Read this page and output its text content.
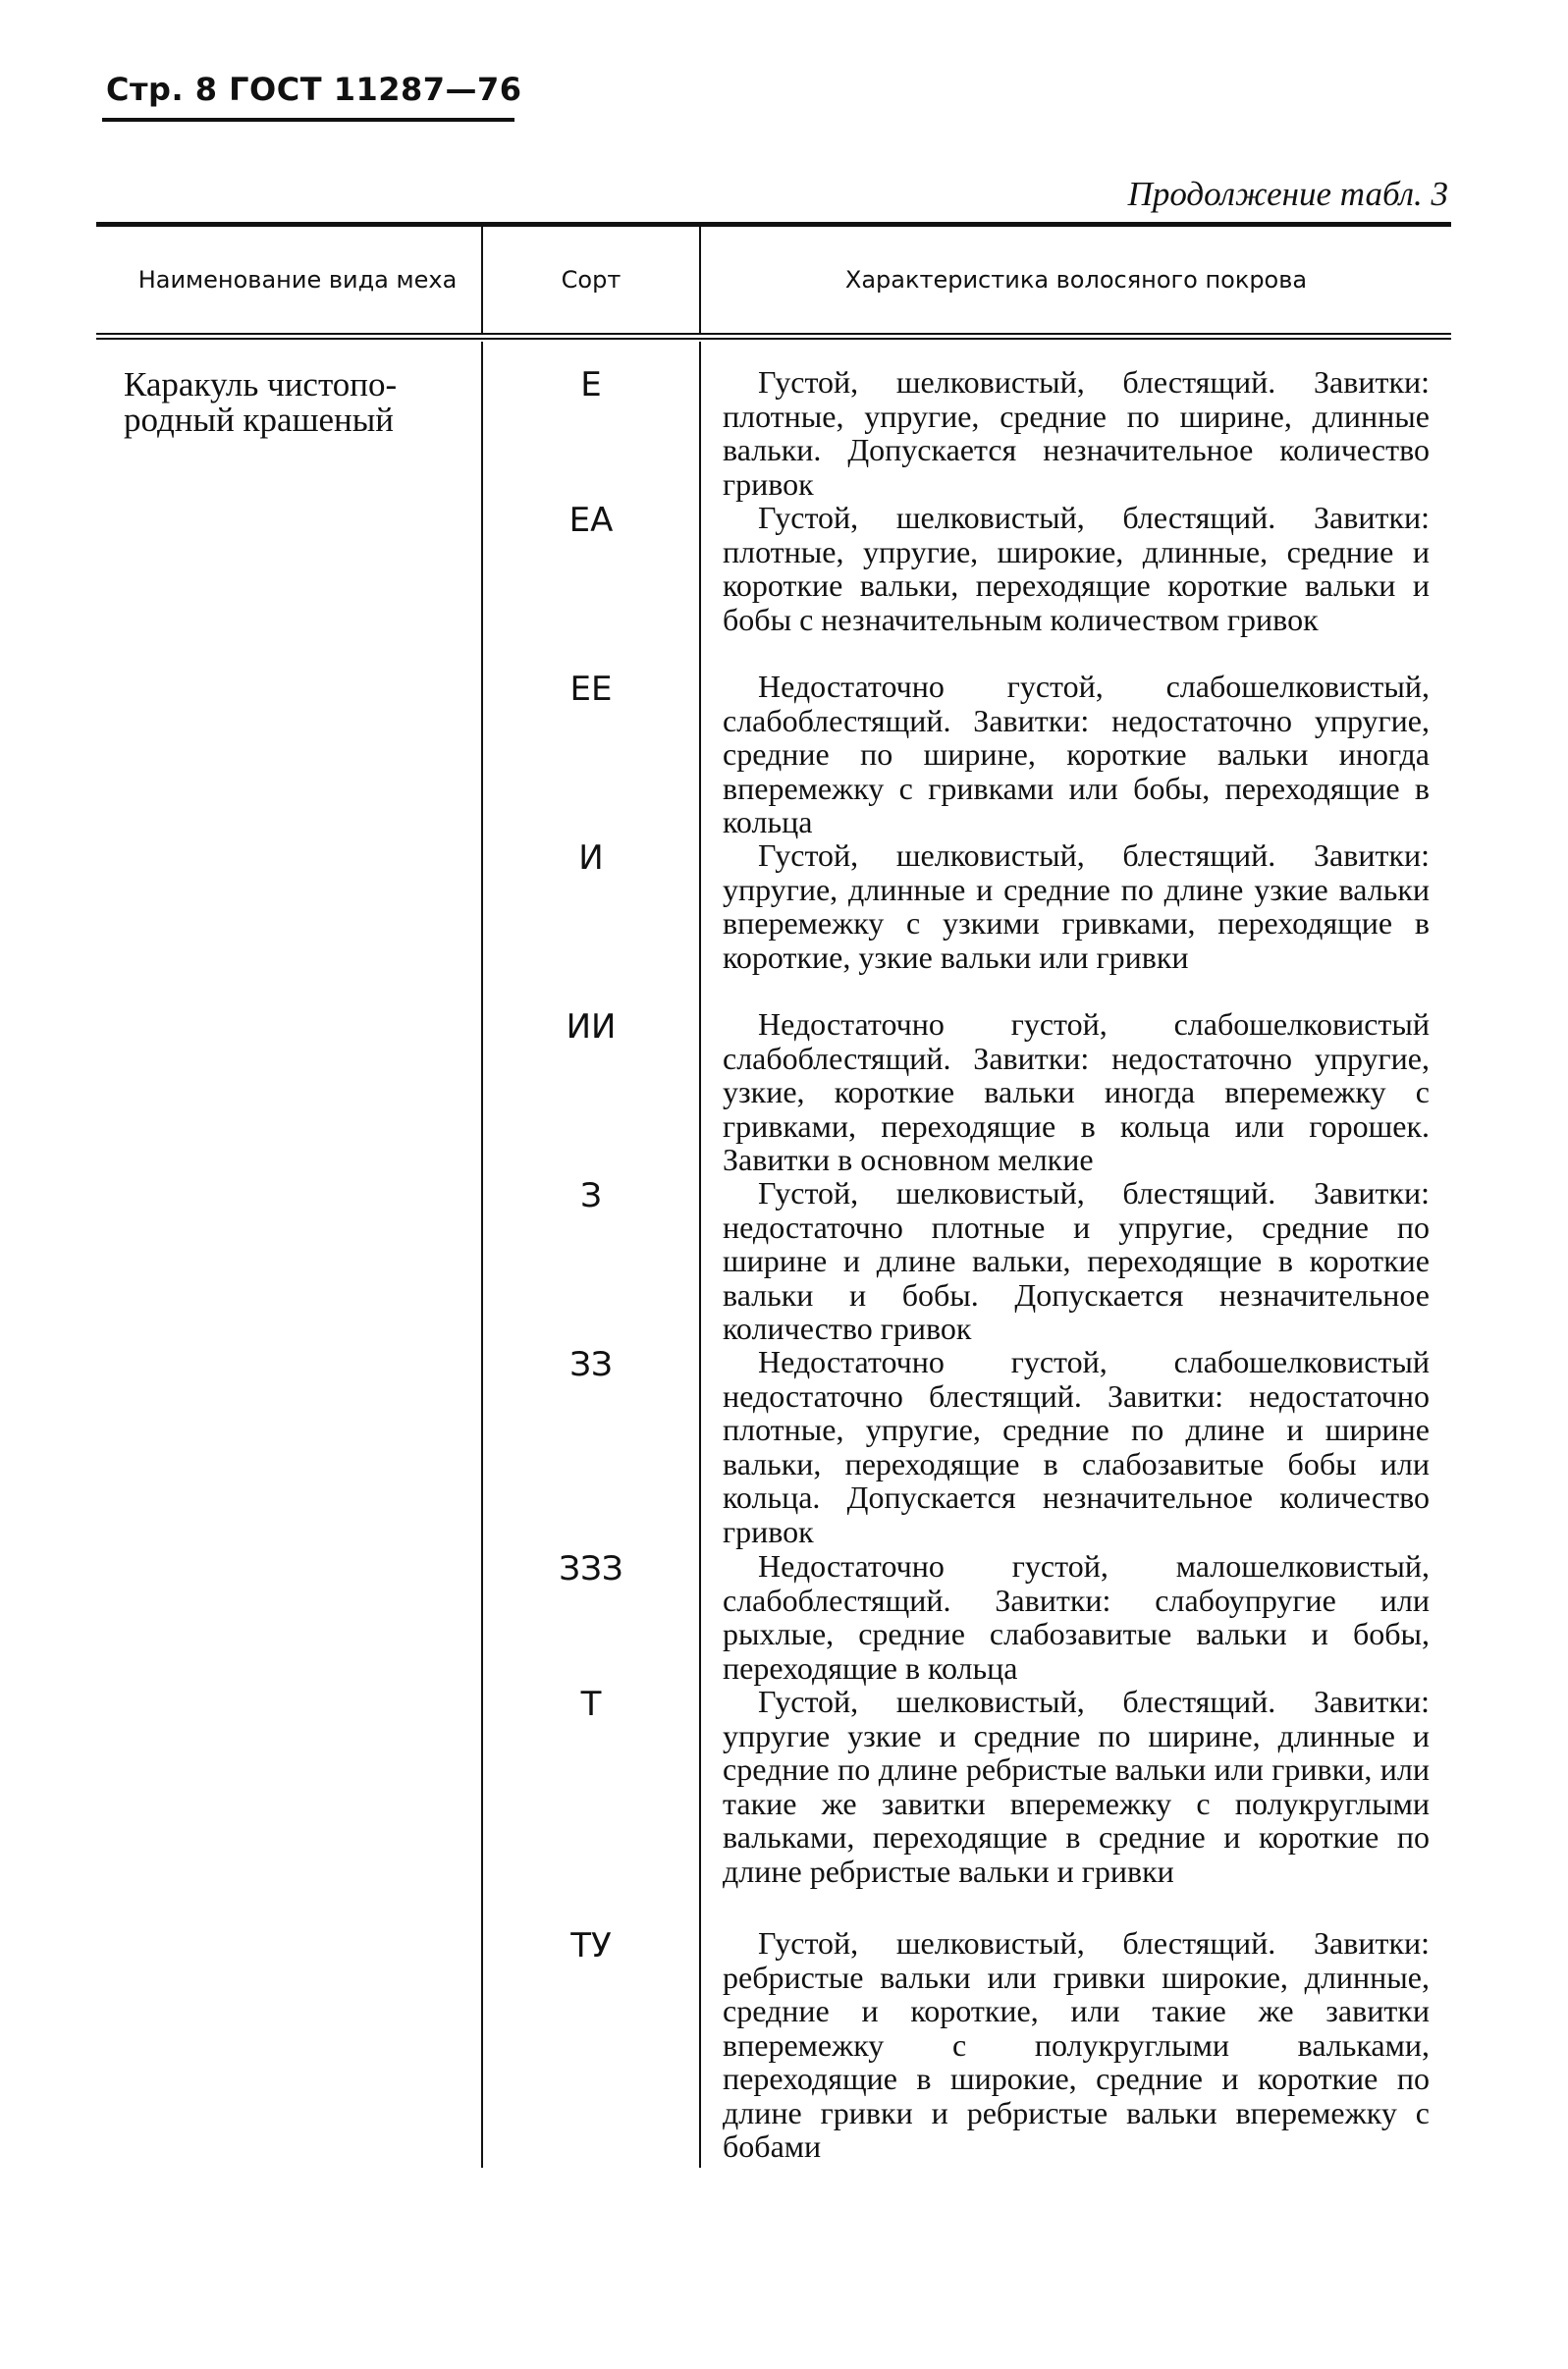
Стр. 8 ГОСТ 11287—76
Продолжение табл. 3
Наименование вида меха	Сорт	Характеристика волосяного покрова
Каракуль чистопо-
родный крашеный
Е
ЕА
ЕЕ
И
ИИ
З
ЗЗ
ЗЗЗ
Т
ТУ
Густой, шелковистый, блестящий. Завитки: плотные, упругие, средние по ширине, длинные вальки. Допускается незначительное количество гривок
Густой, шелковистый, блестящий. Завитки: плотные, упругие, широкие, длинные, средние и короткие вальки, переходящие короткие вальки и бобы с незначительным количеством гривок
Недостаточно густой, слабошелковистый, слабоблестящий. Завитки: недостаточно упругие, средние по ширине, короткие вальки иногда вперемежку с гривками или бобы, переходящие в кольца
Густой, шелковистый, блестящий. Завитки: упругие, длинные и средние по длине узкие вальки вперемежку с узкими гривками, переходящие в короткие, узкие вальки или гривки
Недостаточно густой, слабошелковистый слабоблестящий. Завитки: недостаточно упругие, узкие, короткие вальки иногда вперемежку с гривками, переходящие в кольца или горошек. Завитки в основном мелкие
Густой, шелковистый, блестящий. Завитки: недостаточно плотные и упругие, средние по ширине и длине вальки, переходящие в короткие вальки и бобы. Допускается незначительное количество гривок
Недостаточно густой, слабошелковистый недостаточно блестящий. Завитки: недостаточно плотные, упругие, средние по длине и ширине вальки, переходящие в слабозавитые бобы или кольца. Допускается незначительное количество гривок
Недостаточно густой, малошелковистый, слабоблестящий. Завитки: слабоупругие или рыхлые, средние слабозавитые вальки и бобы, переходящие в кольца
Густой, шелковистый, блестящий. Завитки: упругие узкие и средние по ширине, длинные и средние по длине ребристые вальки или гривки, или такие же завитки вперемежку с полукруглыми вальками, переходящие в средние и короткие по длине ребристые вальки и гривки
Густой, шелковистый, блестящий. Завитки: ребристые вальки или гривки широкие, длинные, средние и короткие, или такие же завитки вперемежку с полукруглыми вальками, переходящие в широкие, средние и короткие по длине гривки и ребристые вальки вперемежку с бобами
